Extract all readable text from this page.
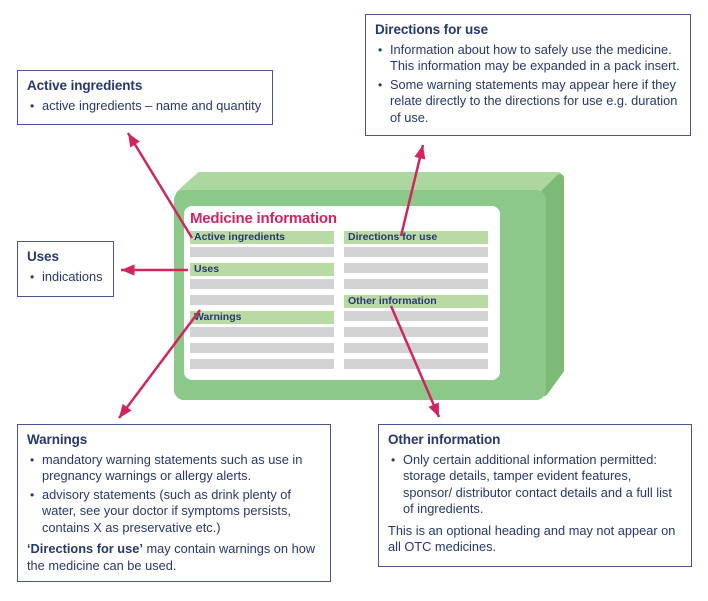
Medicine information
Active ingredients
Uses
Warnings
Directions for use
Other information
Active ingredients
• active ingredients – name and quantity
Directions for use
• Information about how to safely use the medicine. This information may be expanded in a pack insert.
• Some warning statements may appear here if they relate directly to the directions for use e.g. duration of use.
Uses
• indications
Warnings
• mandatory warning statements such as use in pregnancy warnings or allergy alerts.
• advisory statements (such as drink plenty of water, see your doctor if symptoms persists, contains X as preservative etc.)

‘Directions for use’ may contain warnings on how the medicine can be used.

Other information
• Only certain additional information permitted: storage details, tamper evident features, sponsor/ distributor contact details and a full list of ingredients.

This is an optional heading and may not appear on all OTC medicines.
